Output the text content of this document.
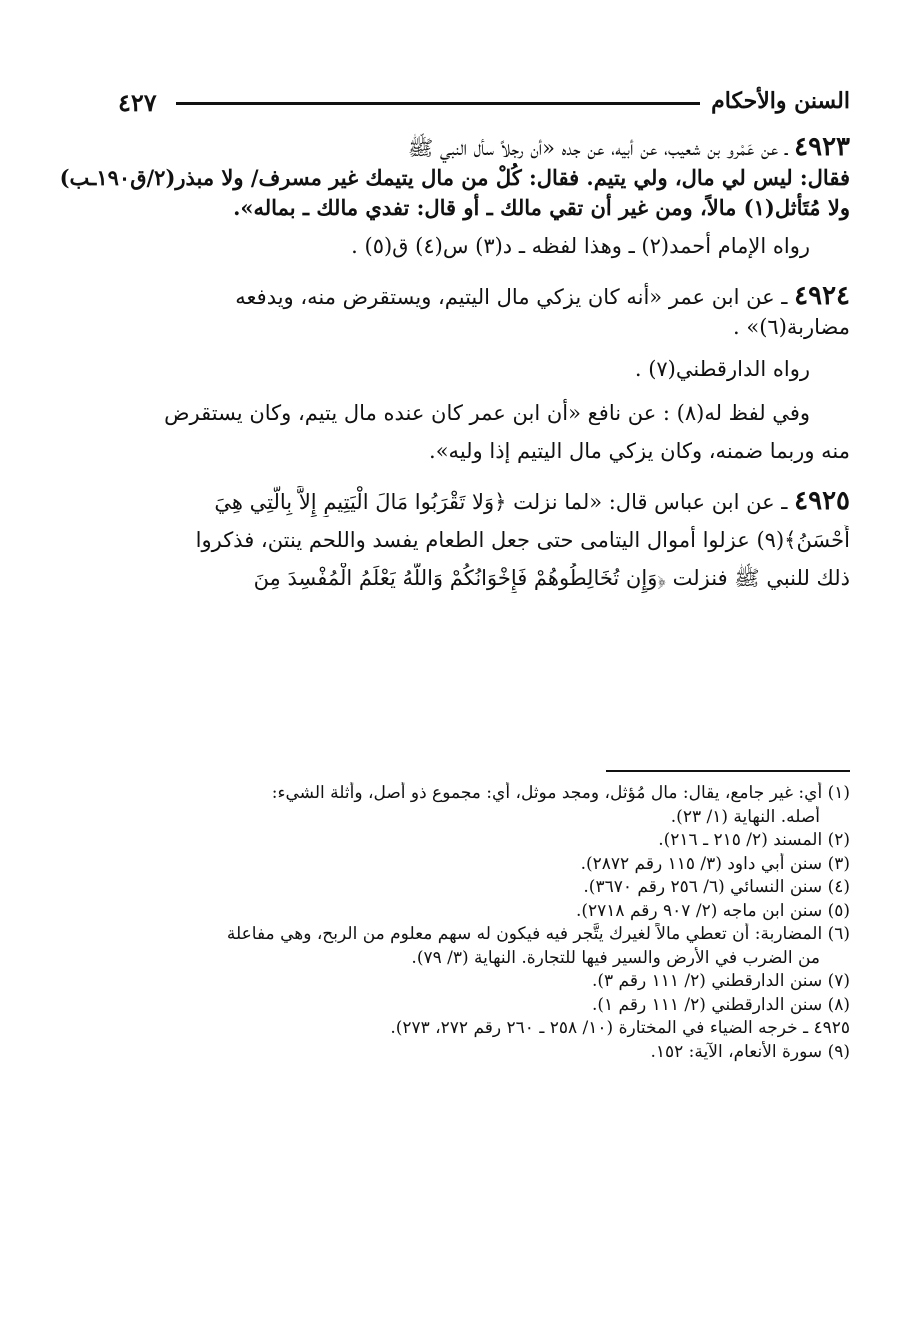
السنن والأحكام
٤٢٧
٤٩٢٣ ـ عن عَمْرو بن شعيب، عن أبيه، عن جده «أن رجلاً سأل النبي ﷺ
فقال: ليس لي مال، ولي يتيم. فقال: كُلْ من مال يتيمك غير مسرف/ ولا مبذر(٢/ق١٩٠ـب)
ولا مُتَأثل(١) مالاً، ومن غير أن تقي مالك ـ أو قال: تفدي مالك ـ بماله».
رواه الإمام أحمد(٢) ـ وهذا لفظه ـ د(٣) س(٤) ق(٥) .
٤٩٢٤ ـ عن ابن عمر «أنه كان يزكي مال اليتيم، ويستقرض منه، ويدفعه
مضاربة(٦)» .
رواه الدارقطني(٧) .
وفي لفظ له(٨) : عن نافع «أن ابن عمر كان عنده مال يتيم، وكان يستقرض
منه وربما ضمنه، وكان يزكي مال اليتيم إذا وليه».
٤٩٢٥ ـ عن ابن عباس قال: «لما نزلت ﴿وَلا تَقْرَبُوا مَالَ الْيَتِيمِ إِلاَّ بِالَّتِي هِيَ
أَحْسَنُ﴾(٩) عزلوا أموال اليتامى حتى جعل الطعام يفسد واللحم ينتن، فذكروا
ذلك للنبي ﷺ فنزلت ﴿وَإِن تُخَالِطُوهُمْ فَإِخْوَانُكُمْ وَاللَّهُ يَعْلَمُ الْمُفْسِدَ مِنَ
(١) أي: غير جامع، يقال: مال مُؤثل، ومجد موثل، أي: مجموع ذو أصل، وأثلة الشيء:
أصله. النهاية (١/ ٢٣).
(٢) المسند (٢/ ٢١٥ ـ ٢١٦).
(٣) سنن أبي داود (٣/ ١١٥ رقم ٢٨٧٢).
(٤) سنن النسائي (٦/ ٢٥٦ رقم ٣٦٧٠).
(٥) سنن ابن ماجه (٢/ ٩٠٧ رقم ٢٧١٨).
(٦) المضاربة: أن تعطي مالاً لغيرك يتَّجر فيه فيكون له سهم معلوم من الربح، وهي مفاعلة
من الضرب في الأرض والسير فيها للتجارة. النهاية (٣/ ٧٩).
(٧) سنن الدارقطني (٢/ ١١١ رقم ٣).
(٨) سنن الدارقطني (٢/ ١١١ رقم ١).
٤٩٢٥ ـ خرجه الضياء في المختارة (١٠/ ٢٥٨ ـ ٢٦٠ رقم ٢٧٢، ٢٧٣).
(٩) سورة الأنعام، الآية: ١٥٢.
